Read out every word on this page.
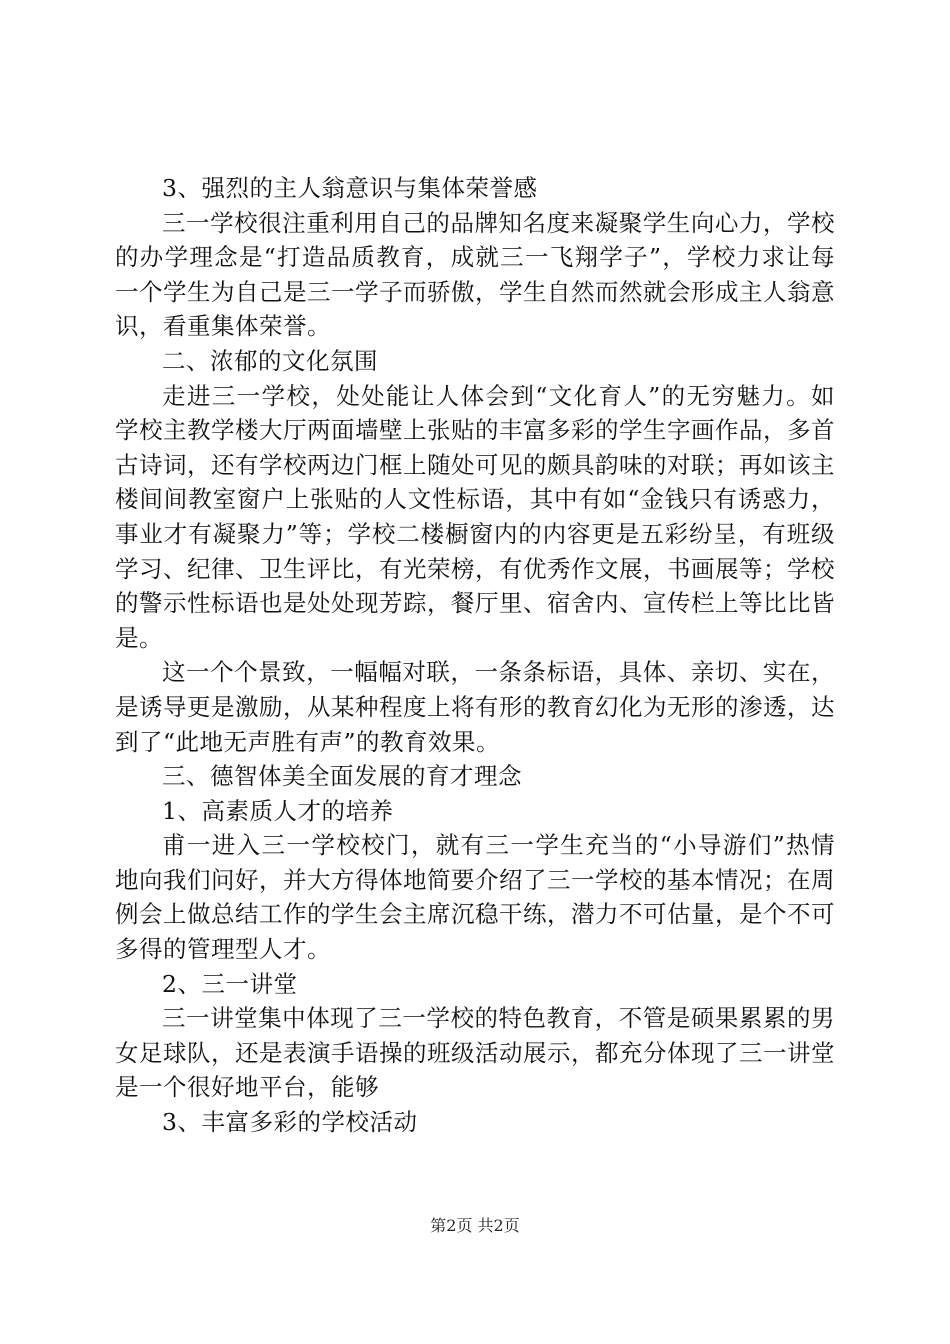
3、强烈的主人翁意识与集体荣誉感

三一学校很注重利用自己的品牌知名度来凝聚学生向心力，学校的办学理念是“打造品质教育，成就三一飞翔学子”，学校力求让每一个学生为自己是三一学子而骄傲，学生自然而然就会形成主人翁意识，看重集体荣誉。

二、浓郁的文化氛围

走进三一学校，处处能让人体会到“文化育人”的无穷魅力。如学校主教学楼大厅两面墙壁上张贴的丰富多彩的学生字画作品，多首古诗词，还有学校两边门框上随处可见的颇具韵味的对联；再如该主楼间间教室窗户上张贴的人文性标语，其中有如“金钱只有诱惑力，事业才有凝聚力”等；学校二楼橱窗内的内容更是五彩纷呈，有班级学习、纪律、卫生评比，有光荣榜，有优秀作文展，书画展等；学校的警示性标语也是处处现芳踪，餐厅里、宿舍内、宣传栏上等比比皆是。

这一个个景致，一幅幅对联，一条条标语，具体、亲切、实在，是诱导更是激励，从某种程度上将有形的教育幻化为无形的渗透，达到了“此地无声胜有声”的教育效果。

三、德智体美全面发展的育才理念

1、高素质人才的培养

甫一进入三一学校校门，就有三一学生充当的“小导游们”热情地向我们问好，并大方得体地简要介绍了三一学校的基本情况；在周例会上做总结工作的学生会主席沉稳干练，潜力不可估量，是个不可多得的管理型人才。

2、三一讲堂

三一讲堂集中体现了三一学校的特色教育，不管是硕果累累的男女足球队，还是表演手语操的班级活动展示，都充分体现了三一讲堂是一个很好地平台，能够

3、丰富多彩的学校活动

第2页 共2页
